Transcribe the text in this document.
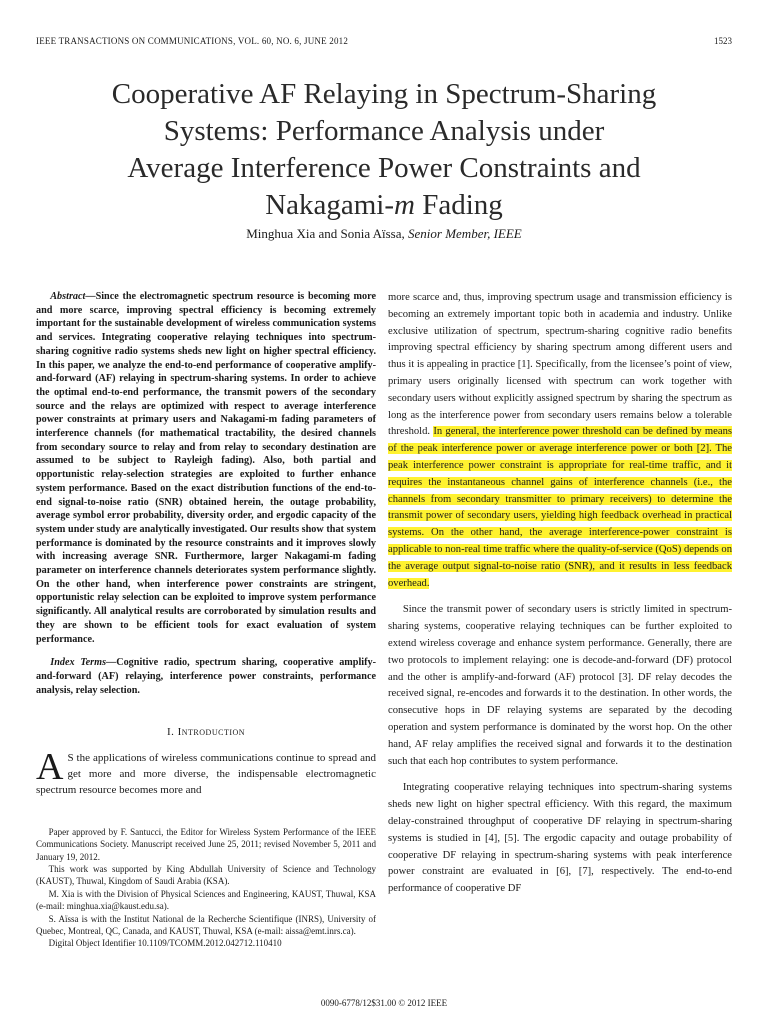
IEEE TRANSACTIONS ON COMMUNICATIONS, VOL. 60, NO. 6, JUNE 2012	1523
Cooperative AF Relaying in Spectrum-Sharing
Systems: Performance Analysis under
Average Interference Power Constraints and
Nakagami-m Fading
Minghua Xia and Sonia Aïssa, Senior Member, IEEE

Abstract—Since the electromagnetic spectrum resource is becoming more and more scarce, improving spectral efficiency is becoming extremely important for the sustainable development of wireless communication systems and services. Integrating cooperative relaying techniques into spectrum-sharing cognitive radio systems sheds new light on higher spectral efficiency. In this paper, we analyze the end-to-end performance of cooperative amplify-and-forward (AF) relaying in spectrum-sharing systems. In order to achieve the optimal end-to-end performance, the transmit powers of the secondary source and the relays are optimized with respect to average interference power constraints at primary users and Nakagami-m fading parameters of interference channels (for mathematical tractability, the desired channels from secondary source to relay and from relay to secondary destination are assumed to be subject to Rayleigh fading). Also, both partial and opportunistic relay-selection strategies are exploited to further enhance system performance. Based on the exact distribution functions of the end-to-end signal-to-noise ratio (SNR) obtained herein, the outage probability, average symbol error probability, diversity order, and ergodic capacity of the system under study are analytically investigated. Our results show that system performance is dominated by the resource constraints and it improves slowly with increasing average SNR. Furthermore, larger Nakagami-m fading parameter on interference channels deteriorates system performance slightly. On the other hand, when interference power constraints are stringent, opportunistic relay selection can be exploited to improve system performance significantly. All analytical results are corroborated by simulation results and they are shown to be efficient tools for exact evaluation of system performance.

Index Terms—Cognitive radio, spectrum sharing, cooperative amplify-and-forward (AF) relaying, interference power constraints, performance analysis, relay selection.

I. Introduction

A S the applications of wireless communications continue to spread and get more and more diverse, the indispensable electromagnetic spectrum resource becomes more and

Paper approved by F. Santucci, the Editor for Wireless System Performance of the IEEE Communications Society. Manuscript received June 25, 2011; revised November 5, 2011 and January 19, 2012.

This work was supported by King Abdullah University of Science and Technology (KAUST), Thuwal, Kingdom of Saudi Arabia (KSA).

M. Xia is with the Division of Physical Sciences and Engineering, KAUST, Thuwal, KSA (e-mail: minghua.xia@kaust.edu.sa).

S. Aïssa is with the Institut National de la Recherche Scientifique (INRS), University of Quebec, Montreal, QC, Canada, and KAUST, Thuwal, KSA (e-mail: aissa@emt.inrs.ca).

Digital Object Identifier 10.1109/TCOMM.2012.042712.110410

more scarce and, thus, improving spectrum usage and transmission efficiency is becoming an extremely important topic both in academia and industry. Unlike exclusive utilization of spectrum, spectrum-sharing cognitive radio benefits improving spectral efficiency by sharing spectrum among different users and thus it is appealing in practice [1]. Specifically, from the licensee’s point of view, primary users originally licensed with spectrum can work together with secondary users without explicitly assigned spectrum by sharing the spectrum as long as the interference power from secondary users remains below a tolerable threshold. In general, the interference power threshold can be defined by means of the peak interference power or average interference power or both [2]. The peak interference power constraint is appropriate for real-time traffic, and it requires the instantaneous channel gains of interference channels (i.e., the channels from secondary transmitter to primary receivers) to determine the transmit power of secondary users, yielding high feedback overhead in practical systems. On the other hand, the average interference-power constraint is applicable to non-real time traffic where the quality-of-service (QoS) depends on the average output signal-to-noise ratio (SNR), and it results in less feedback overhead.

Since the transmit power of secondary users is strictly limited in spectrum-sharing systems, cooperative relaying techniques can be further exploited to extend wireless coverage and enhance system performance. Generally, there are two protocols to implement relaying: one is decode-and-forward (DF) protocol and the other is amplify-and-forward (AF) protocol [3]. DF relay decodes the received signal, re-encodes and forwards it to the destination. In other words, the consecutive hops in DF relaying systems are separated by the decoding operation and system performance is dominated by the worst hop. On the other hand, AF relay amplifies the received signal and forwards it to the destination such that each hop contributes to system performance.

Integrating cooperative relaying techniques into spectrum-sharing systems sheds new light on higher spectral efficiency. With this regard, the maximum delay-constrained throughput of cooperative DF relaying in spectrum-sharing systems is studied in [4], [5]. The ergodic capacity and outage probability of cooperative DF relaying in spectrum-sharing systems with peak interference power constraint are evaluated in [6], [7], respectively. The end-to-end performance of cooperative DF

0090-6778/12$31.00 © 2012 IEEE
